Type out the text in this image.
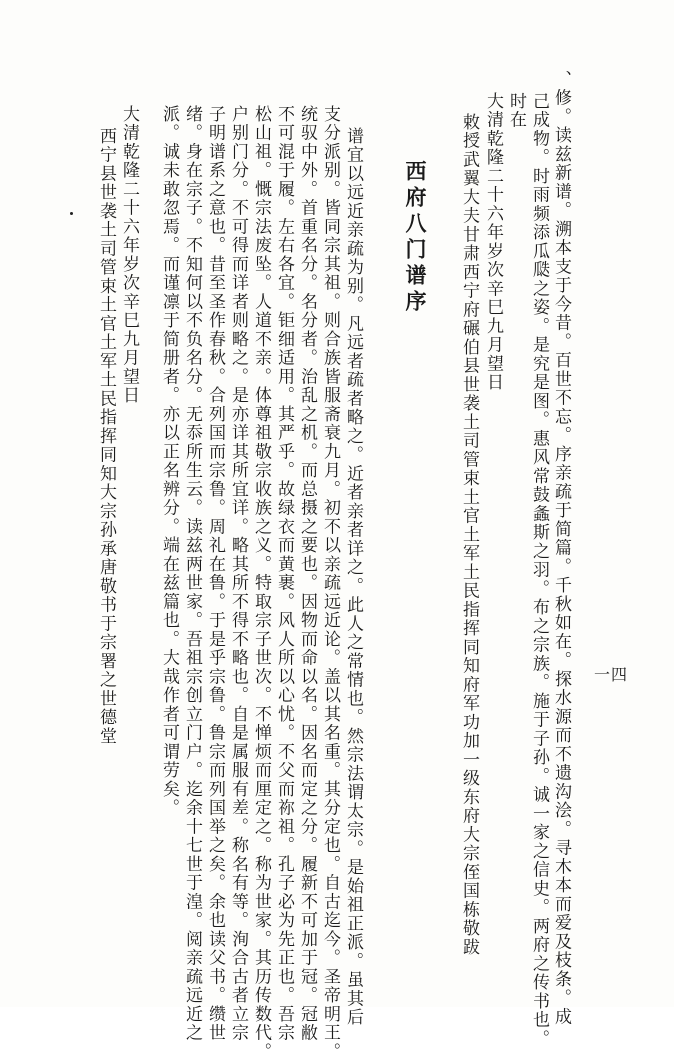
一四
、修。读兹新谱。溯本支于今昔。百世不忘。序亲疏于简篇。千秋如在。探水源而不遗沟浍。寻木本而爱及枝条。成
己成物。时雨频添瓜瓞之姿。是究是图。惠风常鼓螽斯之羽。布之宗族。施于子孙。诚一家之信史。两府之传书也。
时在
大清乾隆二十六年岁次辛巳九月望日
敕授武翼大夫甘肃西宁府碾伯县世袭土司管束土官土军土民指挥同知府军功加一级东府大宗侄国栋敬跋
西府八门谱序
谱宜以远近亲疏为别。凡远者疏者略之。近者亲者详之。此人之常情也。然宗法谓太宗。是始祖正派。虽其后
支分派别。皆同宗其祖。则合族皆服斋衰九月。初不以亲疏远近论。盖以其名重。其分定也。自古迄今。圣帝明王。
统驭中外。首重名分。名分者。治乱之机。而总摄之要也。因物而命以名。因名而定之分。履新不可加于冠。冠敝
不可混于履。左右各宜。钜细适用。其严乎。故绿衣而黄裹。风人所以心忧。不父而祢祖。孔子必为先正也。吾宗
松山祖。慨宗法废坠。人道不亲。体尊祖敬宗收族之义。特取宗子世次。不惮烦而厘定之。称为世家。其历传数代。
户别门分。不可得而详者则略之。是亦详其所宜详。略其所不得不略也。自是属服有差。称名有等。洵合古者立宗
子明谱系之意也。昔至圣作春秋。合列国而宗鲁。周礼在鲁。于是乎宗鲁。鲁宗而列国举之矣。余也读父书。缵世
绪。身在宗子。不知何以不负名分。无忝所生云。读兹两世家。吾祖宗创立门户。迄余十七世于湟。阅亲疏远近之
派。诚未敢忽焉。而谨凛于简册者。亦以正名辨分。端在兹篇也。大哉作者可谓劳矣。
大清乾隆二十六年岁次辛巳九月望日
西宁县世袭土司管束土官土军土民指挥同知大宗孙承唐敬书于宗署之世德堂
